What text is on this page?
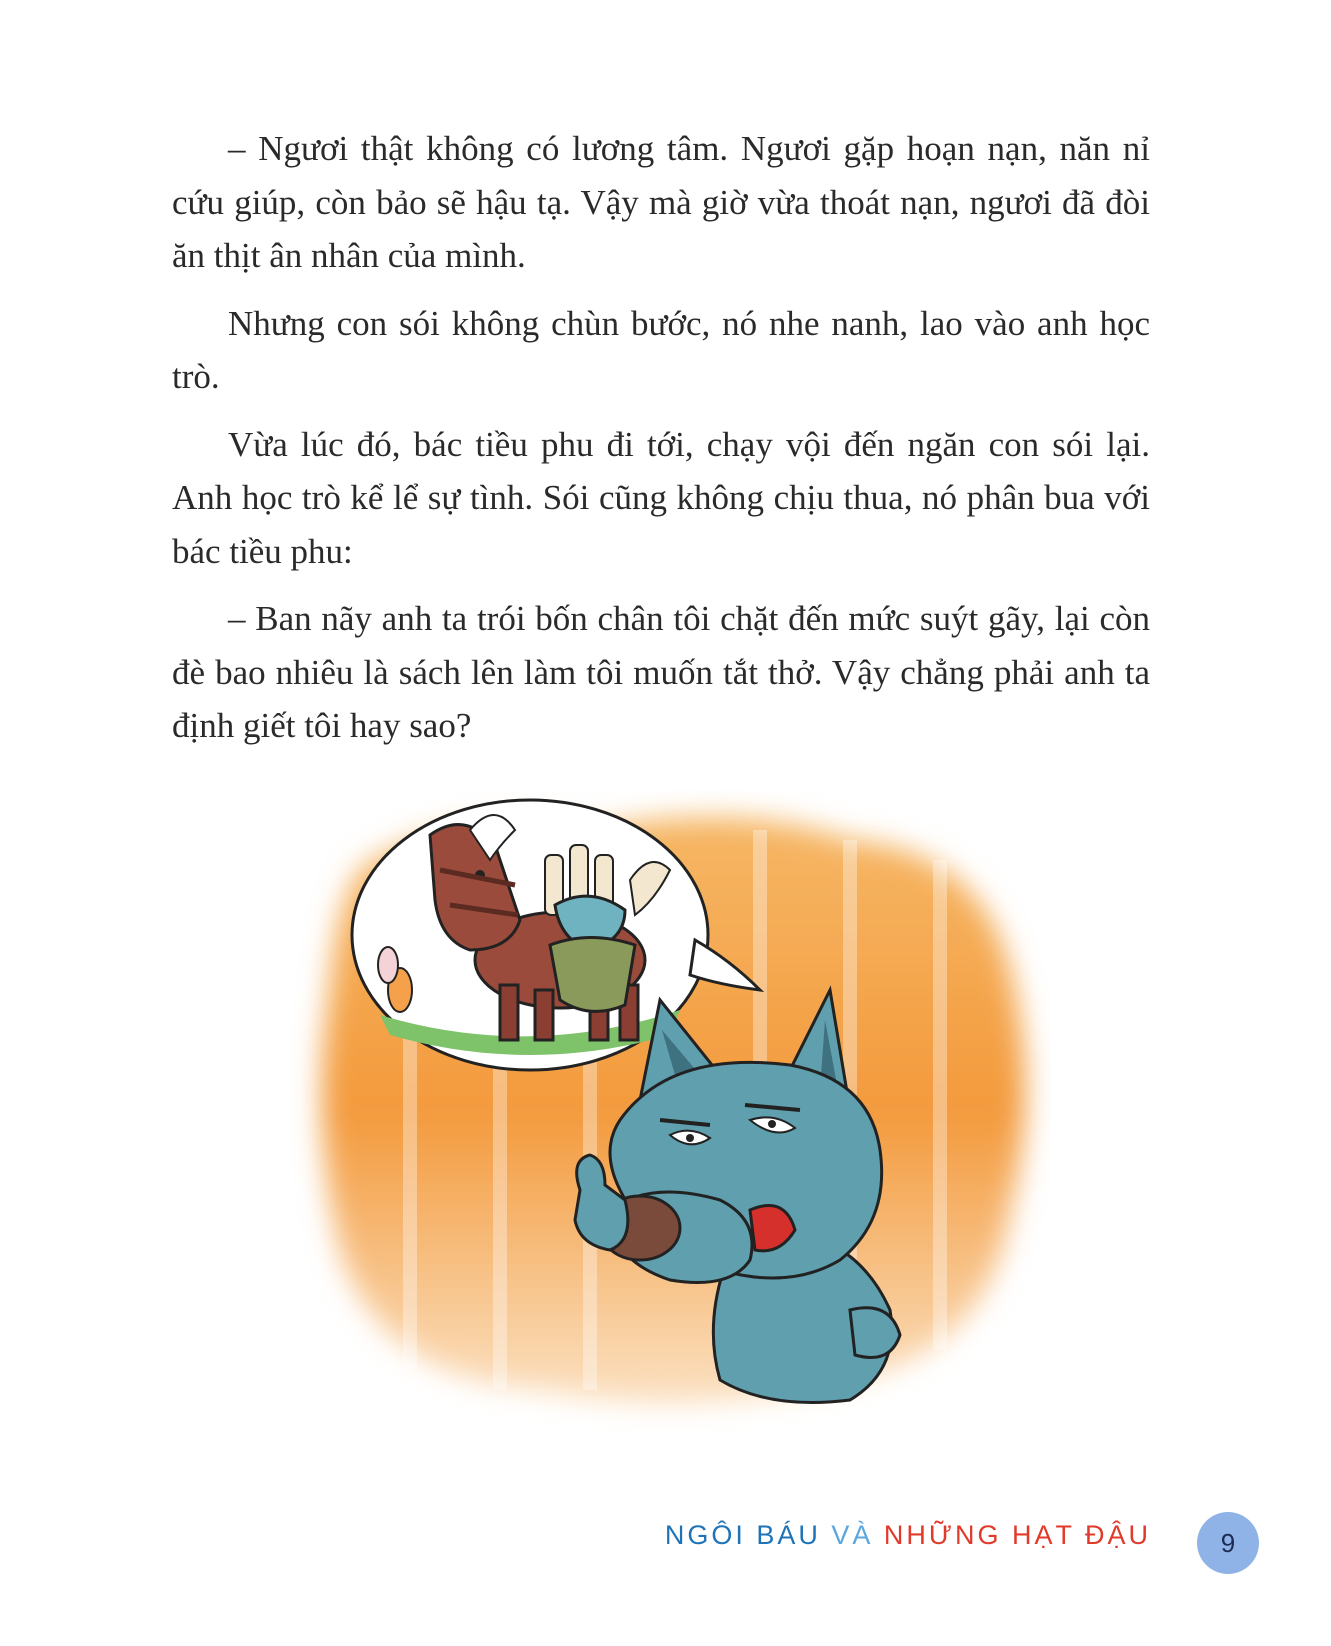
– Ngươi thật không có lương tâm. Ngươi gặp hoạn nạn, năn nỉ cứu giúp, còn bảo sẽ hậu tạ. Vậy mà giờ vừa thoát nạn, ngươi đã đòi ăn thịt ân nhân của mình.

Nhưng con sói không chùn bước, nó nhe nanh, lao vào anh học trò.

Vừa lúc đó, bác tiều phu đi tới, chạy vội đến ngăn con sói lại. Anh học trò kể lể sự tình. Sói cũng không chịu thua, nó phân bua với bác tiều phu:

– Ban nãy anh ta trói bốn chân tôi chặt đến mức suýt gãy, lại còn đè bao nhiêu là sách lên làm tôi muốn tắt thở. Vậy chẳng phải anh ta định giết tôi hay sao?

NGÔI BÁU VÀ NHỮNG HẠT ĐẬU	9
